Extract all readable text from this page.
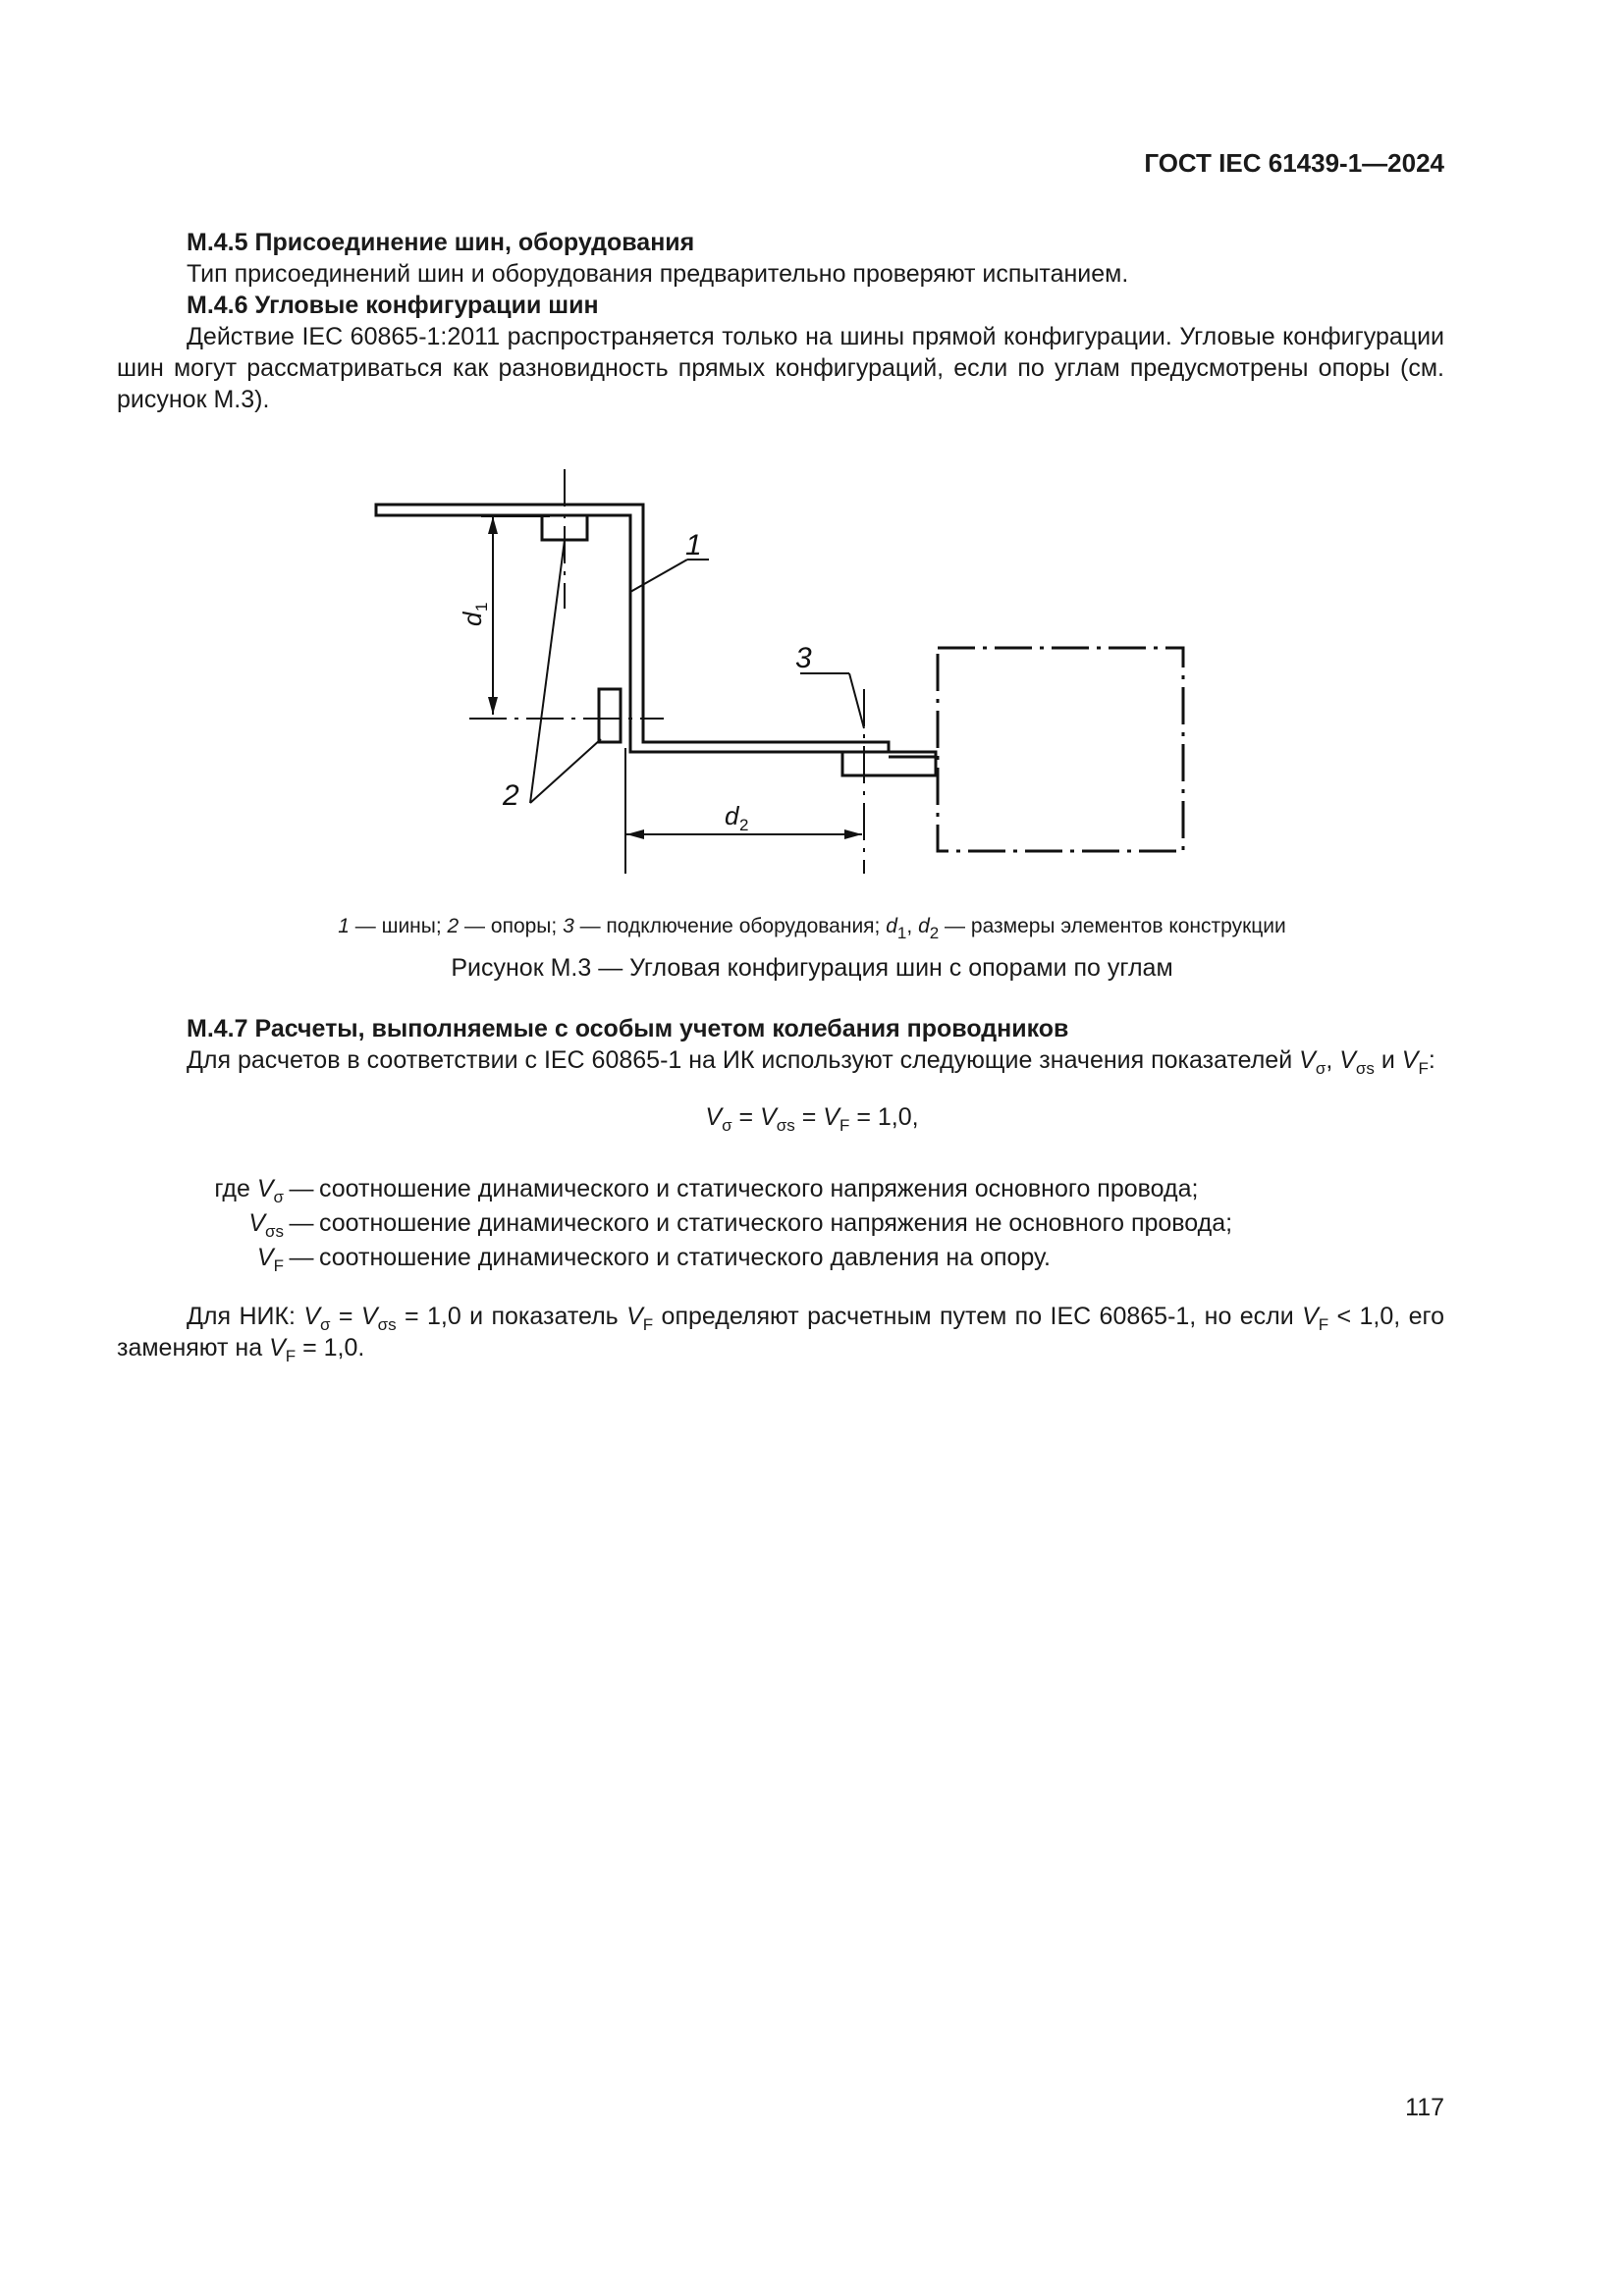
ГОСТ IEC 61439-1—2024

М.4.5 Присоединение шин, оборудования

Тип присоединений шин и оборудования предварительно проверяют испытанием.

М.4.6 Угловые конфигурации шин

Действие IEC 60865-1:2011 распространяется только на шины прямой конфигурации. Угловые конфигурации шин могут рассматриваться как разновидность прямых конфигураций, если по углам предусмотрены опоры (см. рисунок М.3).

1
3
2
d
1
d 2
1 — шины; 2 — опоры; 3 — подключение оборудования; $d_1$, $d_2$ — размеры элементов конструкции
Рисунок М.3 — Угловая конфигурация шин с опорами по углам

М.4.7 Расчеты, выполняемые с особым учетом колебания проводников

Для расчетов в соответствии с IEC 60865-1 на ИК используют следующие значения показателей $V_\sigma$, $V_{\sigma s}$ и $V_F$:

$V_\sigma = V_{\sigma s} = V_F = 1,0$,
где $V_\sigma$ — соотношение динамического и статического напряжения основного провода;
$V_{\sigma s}$ — соотношение динамического и статического напряжения не основного провода;
$V_F$ — соотношение динамического и статического давления на опору.

Для НИК: $V_\sigma = V_{\sigma s} = 1,0$ и показатель $V_F$ определяют расчетным путем по IEC 60865-1, но если $V_F < 1,0$, его заменяют на $V_F = 1,0$.

117
